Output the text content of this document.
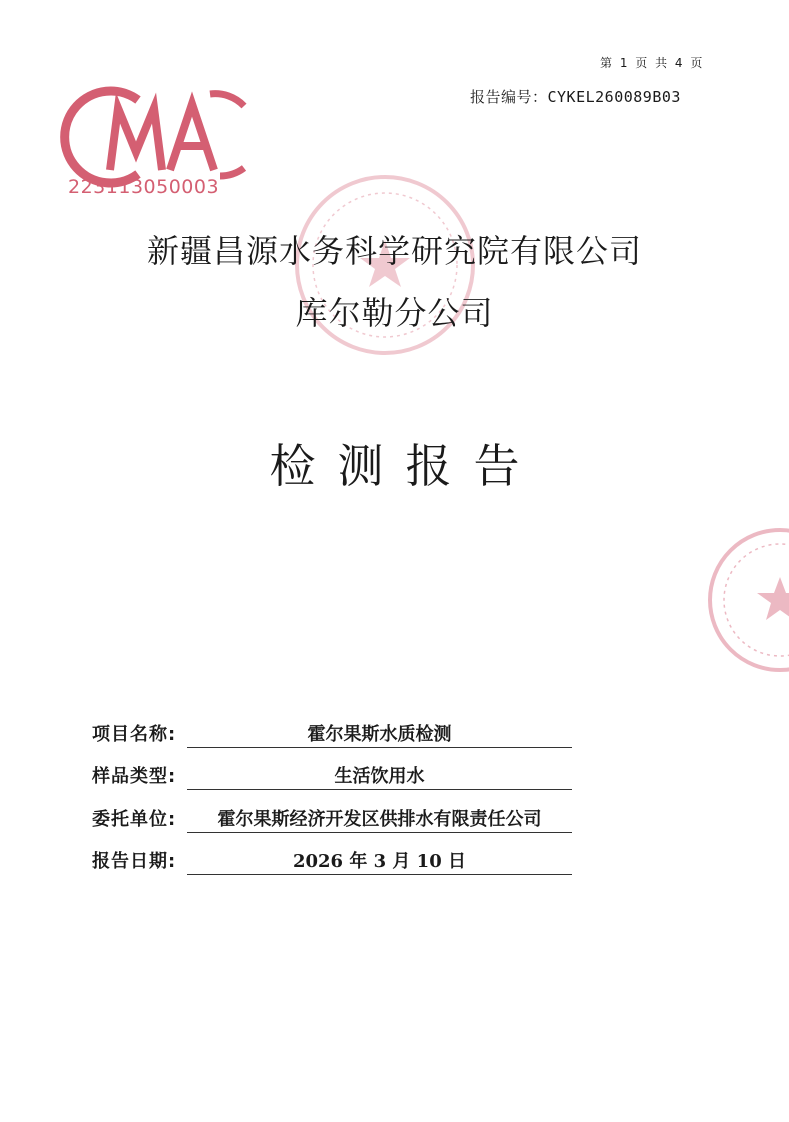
第 1 页 共 4 页
报告编号：CYKEL260089B03
223113050003
新疆昌源水务科学研究院有限公司
库尔勒分公司
检测报告
项目名称:	霍尔果斯水质检测
样品类型:	生活饮用水
委托单位:	霍尔果斯经济开发区供排水有限责任公司
报告日期:	2026 年 3 月 10 日
